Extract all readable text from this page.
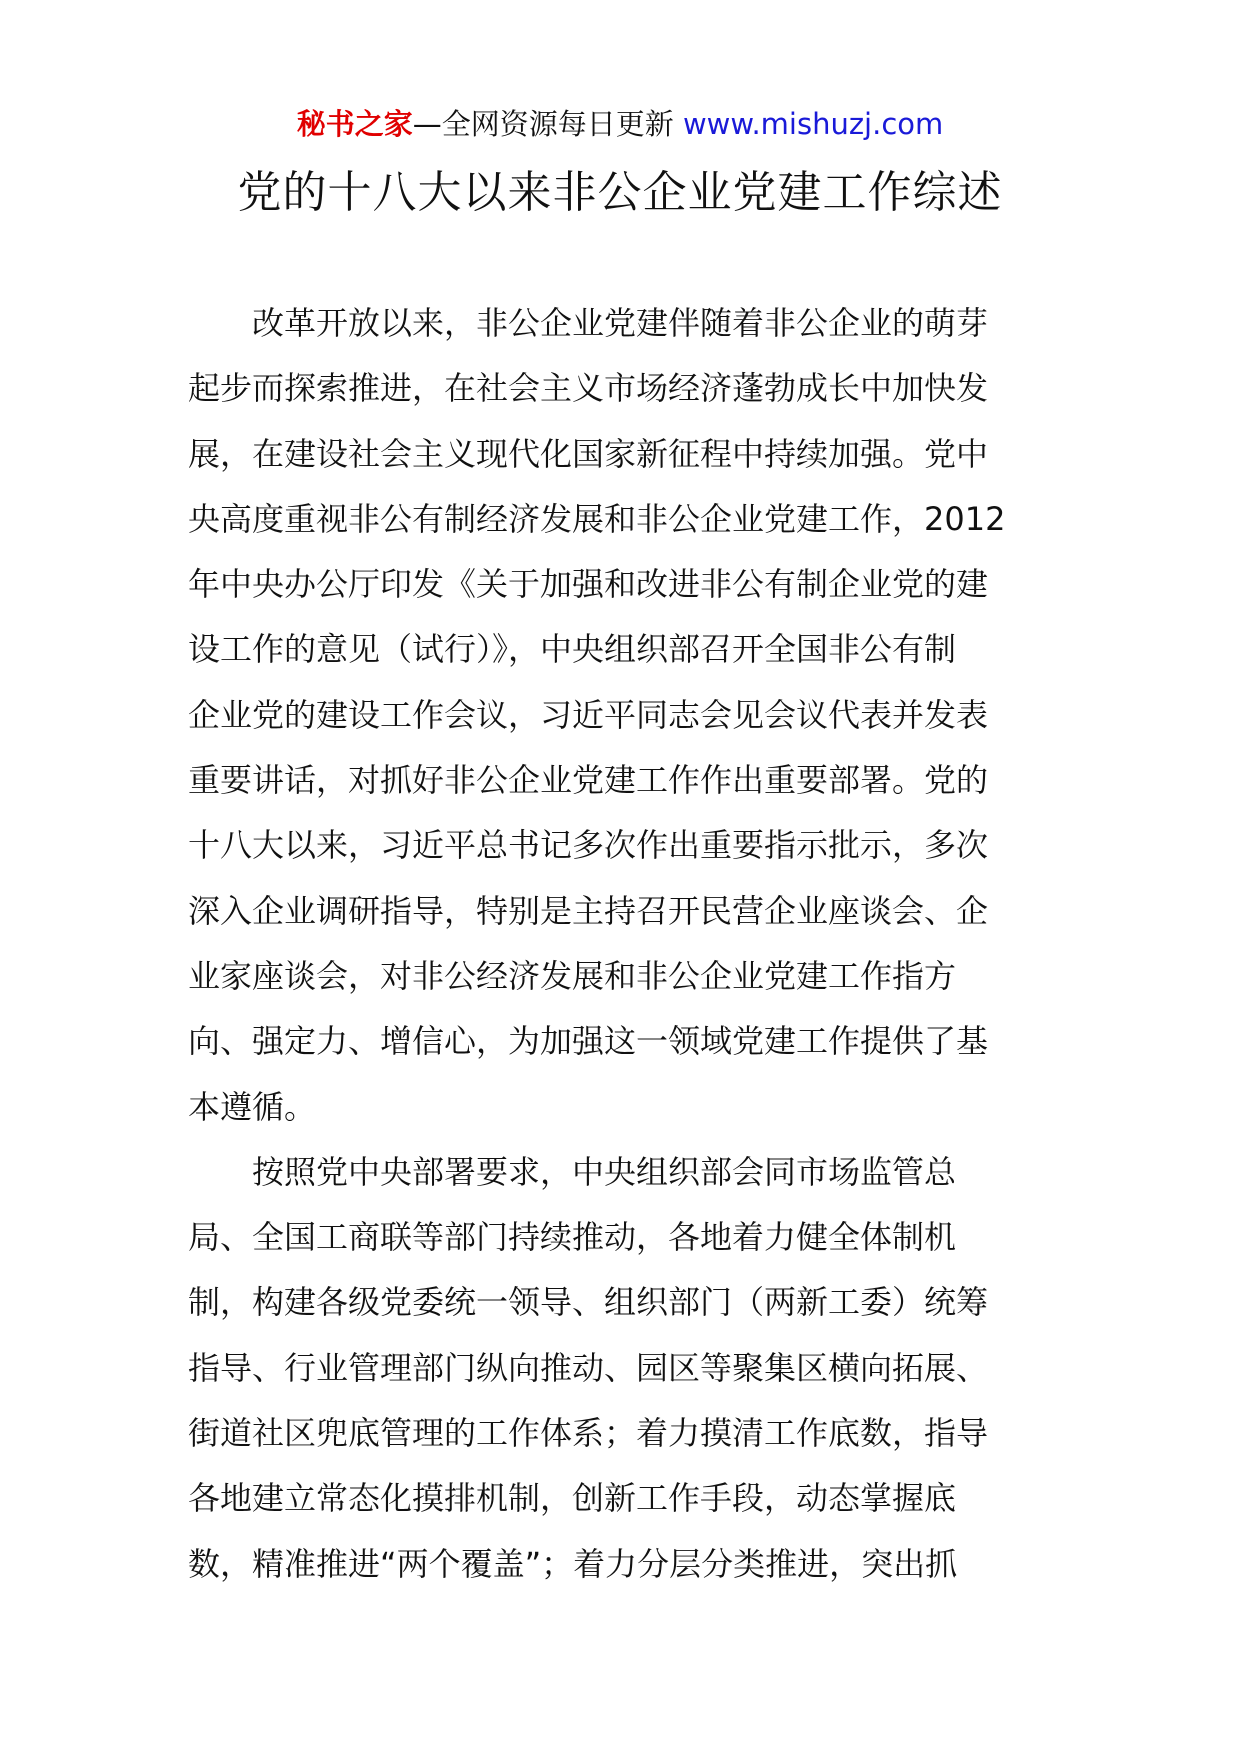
秘书之家—全网资源每日更新 www.mishuzj.com
党的十八大以来非公企业党建工作综述
　　改革开放以来，非公企业党建伴随着非公企业的萌芽
起步而探索推进，在社会主义市场经济蓬勃成长中加快发
展，在建设社会主义现代化国家新征程中持续加强。党中
央高度重视非公有制经济发展和非公企业党建工作，2012
年中央办公厅印发《关于加强和改进非公有制企业党的建
设工作的意见（试行）》，中央组织部召开全国非公有制
企业党的建设工作会议，习近平同志会见会议代表并发表
重要讲话，对抓好非公企业党建工作作出重要部署。党的
十八大以来，习近平总书记多次作出重要指示批示，多次
深入企业调研指导，特别是主持召开民营企业座谈会、企
业家座谈会，对非公经济发展和非公企业党建工作指方
向、强定力、增信心，为加强这一领域党建工作提供了基
本遵循。
　　按照党中央部署要求，中央组织部会同市场监管总
局、全国工商联等部门持续推动，各地着力健全体制机
制，构建各级党委统一领导、组织部门（两新工委）统筹
指导、行业管理部门纵向推动、园区等聚集区横向拓展、
街道社区兜底管理的工作体系；着力摸清工作底数，指导
各地建立常态化摸排机制，创新工作手段，动态掌握底
数，精准推进“两个覆盖”；着力分层分类推进，突出抓
